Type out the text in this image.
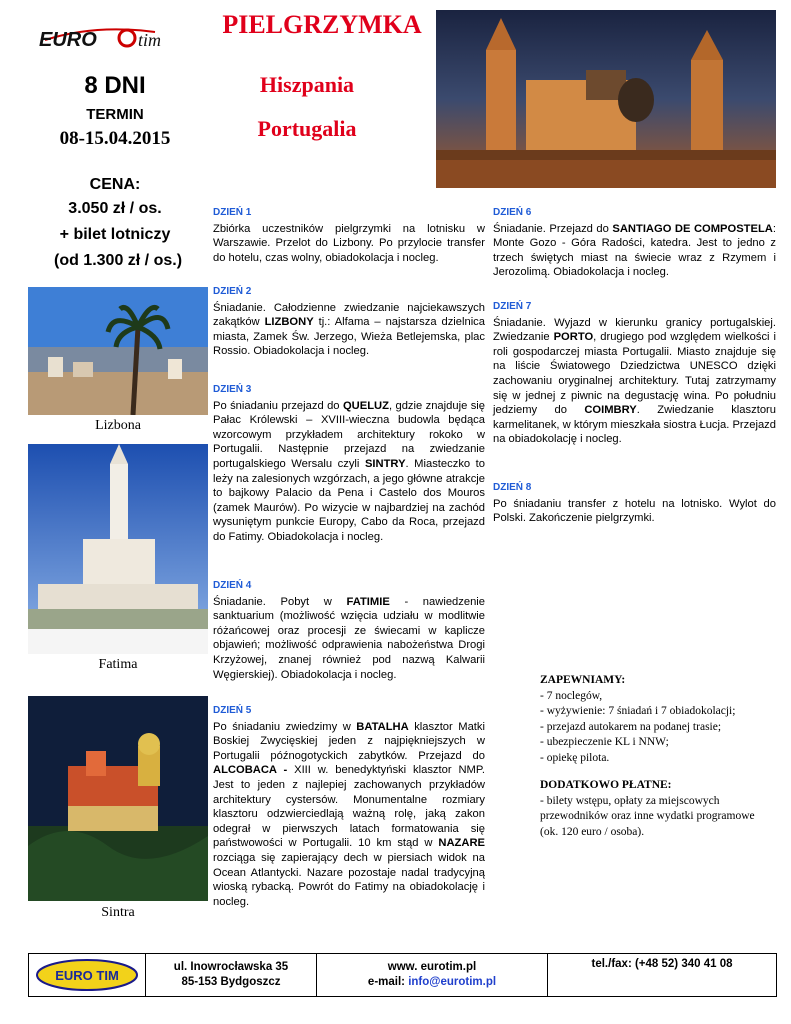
EURO tim
PIELGRZYMKA
Hiszpania
Portugalia
8 DNI
TERMIN
08-15.04.2015
CENA:
3.050 zł / os.
+ bilet lotniczy
(od 1.300 zł / os.)
Lizbona
Fatima
Sintra
DZIEŃ 1
Zbiórka uczestników pielgrzymki na lotnisku w Warszawie. Przelot do Lizbony. Po przylocie transfer do hotelu, czas wolny, obiadokolacja i nocleg.
DZIEŃ 2
Śniadanie. Całodzienne zwiedzanie najciekawszych zakątków LIZBONY tj.: Alfama – najstarsza dzielnica miasta, Zamek Św. Jerzego, Wieża Betlejemska, plac Rossio. Obiadokolacja i nocleg.
DZIEŃ 3
Po śniadaniu przejazd do QUELUZ, gdzie znajduje się Pałac Królewski – XVIII-wieczna budowla będąca wzorcowym przykładem architektury rokoko w Portugalii. Następnie przejazd na zwiedzanie portugalskiego Wersalu czyli SINTRY. Miasteczko to leży na zalesionych wzgórzach, a jego główne atrakcje to bajkowy Palacio da Pena i Castelo dos Mouros (zamek Maurów). Po wizycie w najbardziej na zachód wysuniętym punkcie Europy, Cabo da Roca, przejazd do Fatimy. Obiadokolacja i nocleg.
DZIEŃ 4
Śniadanie. Pobyt w FATIMIE - nawiedzenie sanktuarium (możliwość wzięcia udziału w modlitwie różańcowej oraz procesji ze świecami w kaplicze objawień; możliwość odprawienia nabożeństwa Drogi Krzyżowej, znanej również pod nazwą Kalwarii Węgierskiej). Obiadokolacja i nocleg.
DZIEŃ 5
Po śniadaniu zwiedzimy w BATALHA klasztor Matki Boskiej Zwycięskiej jeden z najpiękniejszych w Portugalii późnogotyckich zabytków. Przejazd do ALCOBACA - XIII w. benedyktyński klasztor NMP. Jest to jeden z najlepiej zachowanych przykładów architektury cystersów. Monumentalne rozmiary klasztoru odzwierciedlają ważną rolę, jaką zakon odegrał w pierwszych latach formatowania się państwowości w Portugalii. 10 km stąd w NAZARE rozciąga się zapierający dech w piersiach widok na Ocean Atlantycki. Nazare pozostaje nadal tradycyjną wioską rybacką. Powrót do Fatimy na obiadokolację i nocleg.
DZIEŃ 6
Śniadanie. Przejazd do SANTIAGO DE COMPOSTELA: Monte Gozo - Góra Radości, katedra. Jest to jedno z trzech świętych miast na świecie wraz z Rzymem i Jerozolimą. Obiadokolacja i nocleg.
DZIEŃ 7
Śniadanie. Wyjazd w kierunku granicy portugalskiej. Zwiedzanie PORTO, drugiego pod względem wielkości i roli gospodarczej miasta Portugalii. Miasto znajduje się na liście Światowego Dziedzictwa UNESCO dzięki zachowaniu oryginalnej architektury. Tutaj zatrzymamy się w jednej z piwnic na degustację wina. Po południu jedziemy do COIMBRY. Zwiedzanie klasztoru karmelitanek, w którym mieszkała siostra Łucja. Przejazd na obiadokolację i nocleg.
DZIEŃ 8
Po śniadaniu transfer z hotelu na lotnisko. Wylot do Polski. Zakończenie pielgrzymki.
ZAPEWNIAMY:
- 7 noclegów,
- wyżywienie: 7 śniadań i 7 obiadokolacji;
- przejazd autokarem na podanej trasie;
- ubezpieczenie KL i NNW;
- opiekę pilota.
DODATKOWO PŁATNE:
- bilety wstępu, opłaty za miejscowych przewodników oraz inne wydatki programowe (ok. 120 euro / osoba).
EURO TIM
ul. Inowrocławska 35
85-153 Bydgoszcz
www. eurotim.pl
e-mail: info@eurotim.pl
tel./fax: (+48 52) 340 41 08
